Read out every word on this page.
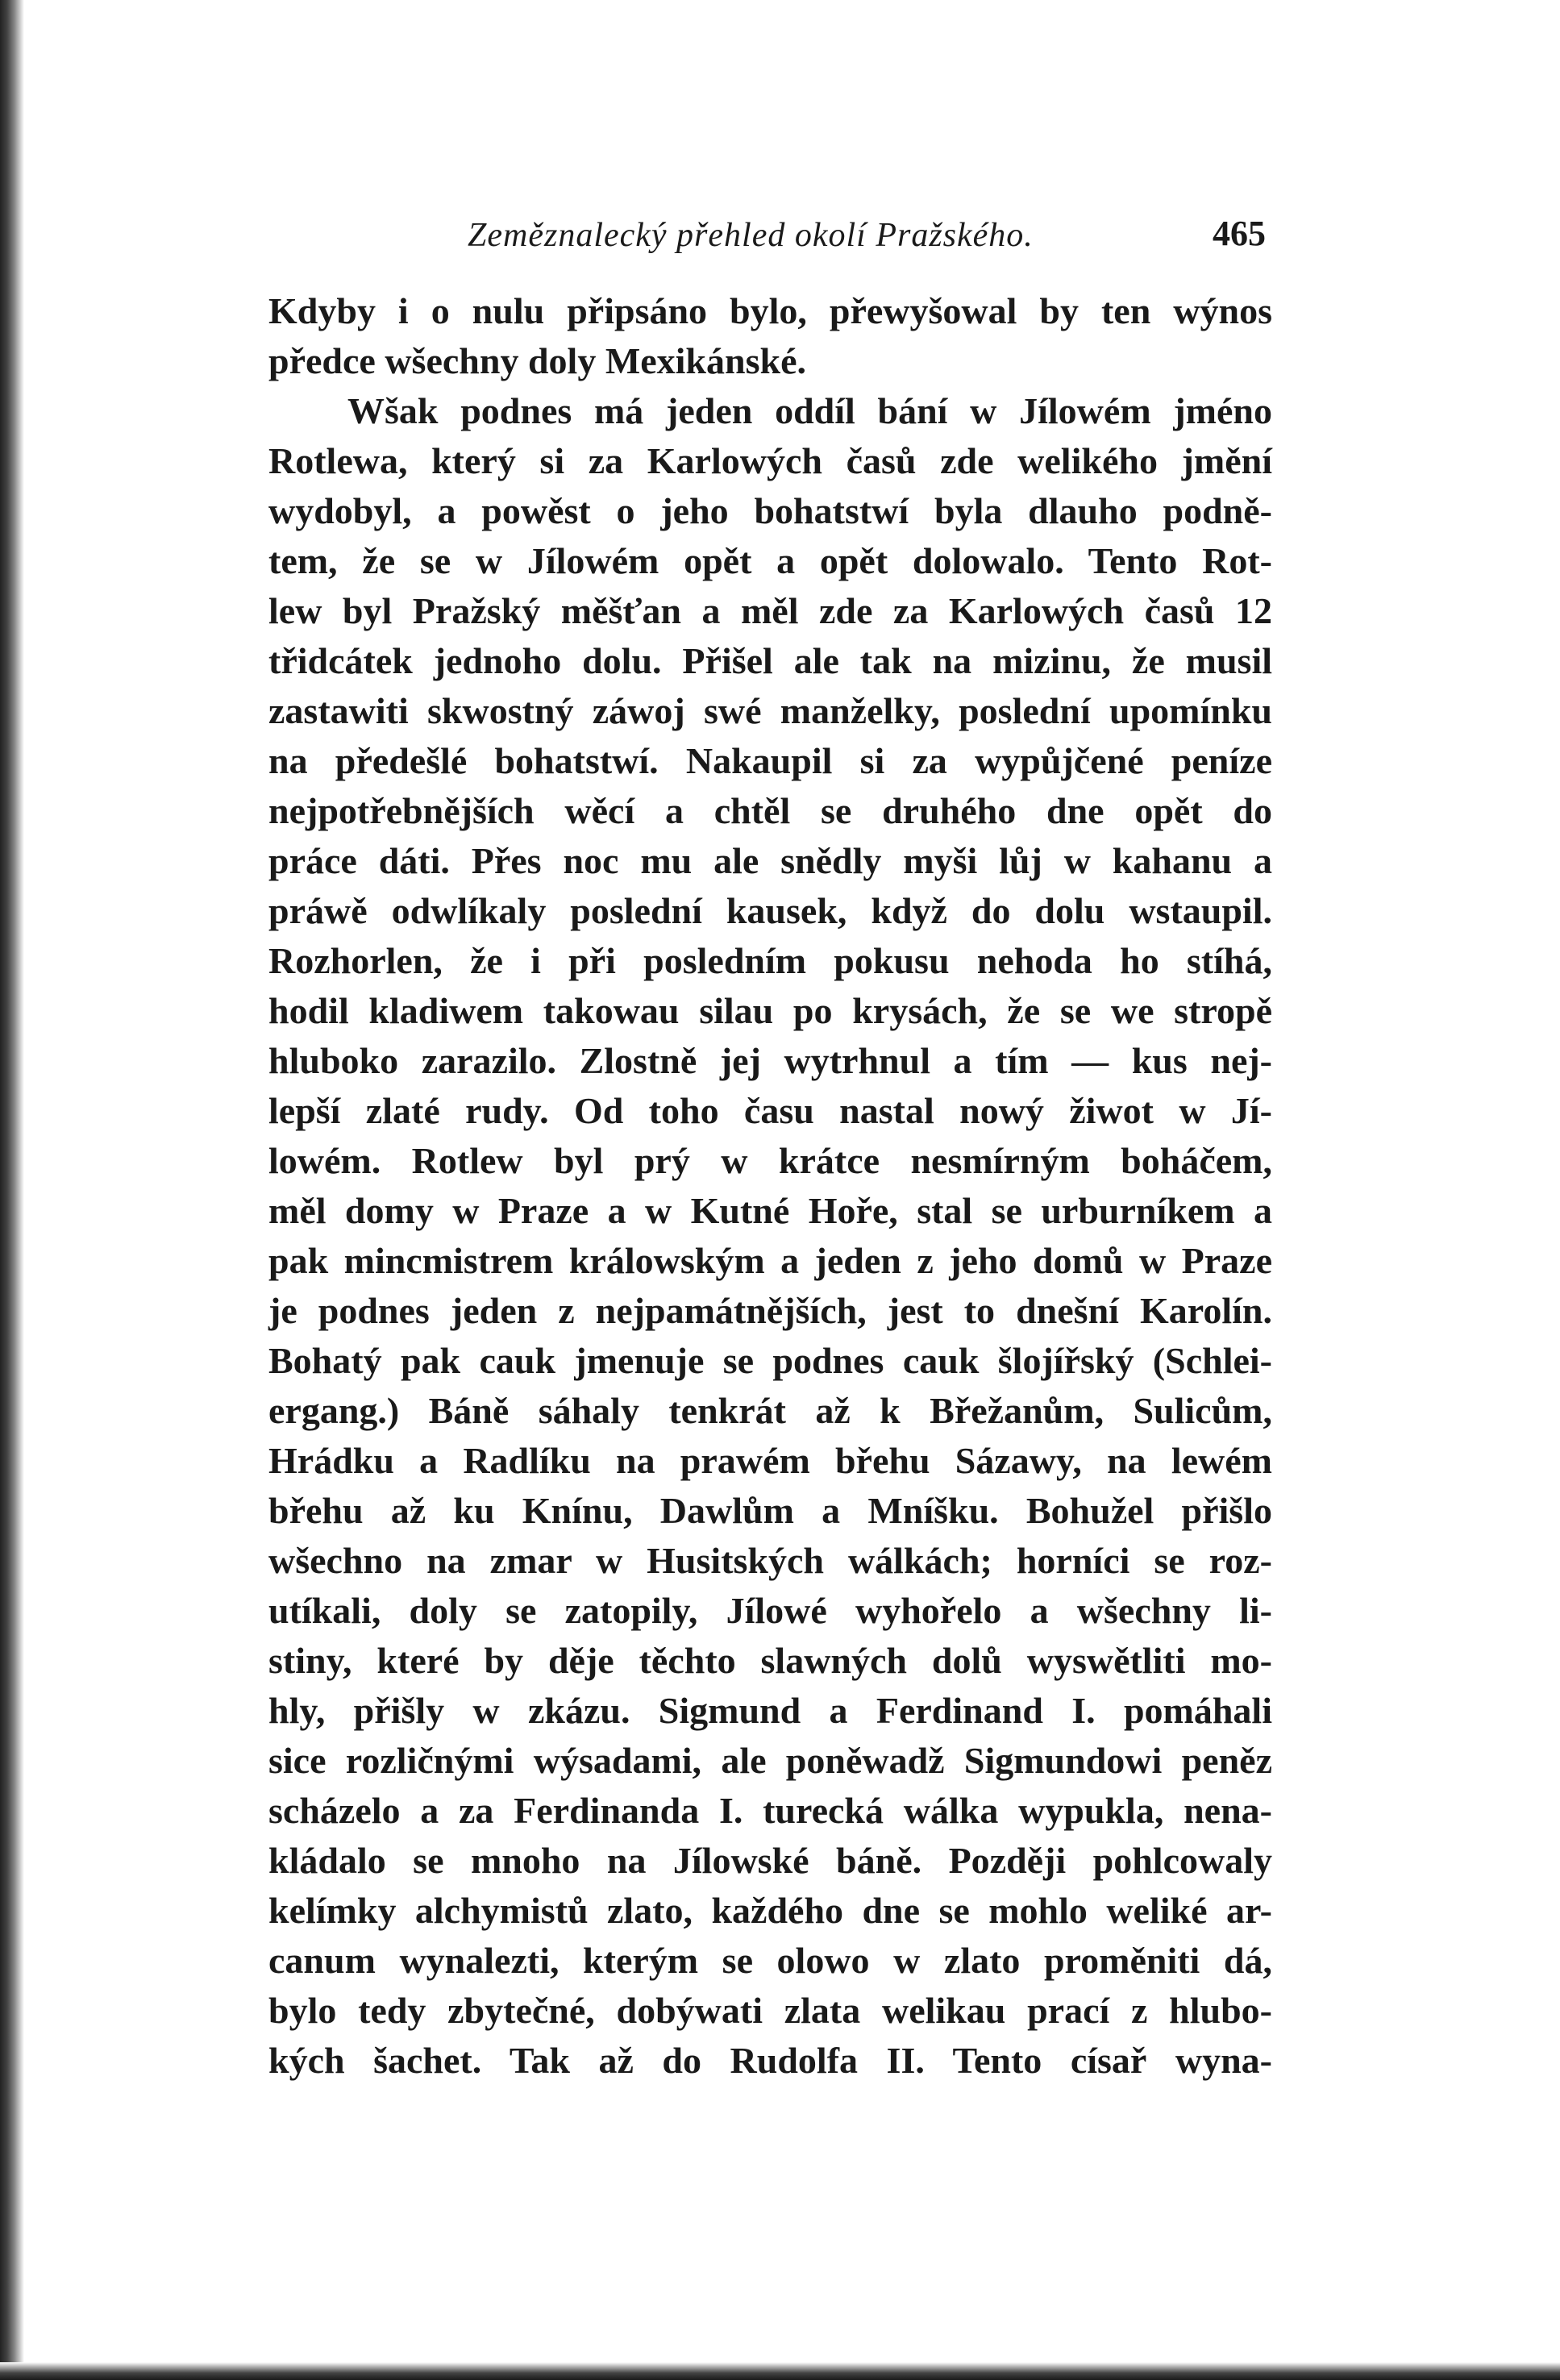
Zeměznalecký přehled okolí Pražského.	465
Kdyby i o nulu připsáno bylo, přewyšowal by ten wýnos
předce wšechny doly Mexikánské.
Wšak podnes má jeden oddíl bání w Jílowém jméno
Rotlewa, který si za Karlowých časů zde welikého jmění
wydobyl, a powěst o jeho bohatstwí byla dlauho podně-
tem, že se w Jílowém opět a opět dolowalo. Tento Rot-
lew byl Pražský měšťan a měl zde za Karlowých časů 12
třidcátek jednoho dolu. Přišel ale tak na mizinu, že musil
zastawiti skwostný záwoj swé manželky, poslední upomínku
na předešlé bohatstwí. Nakaupil si za wypůjčené peníze
nejpotřebnějších wěcí a chtěl se druhého dne opět do
práce dáti. Přes noc mu ale snědly myši lůj w kahanu a
práwě odwlíkaly poslední kausek, když do dolu wstaupil.
Rozhorlen, že i při posledním pokusu nehoda ho stíhá,
hodil kladiwem takowau silau po krysách, že se we stropě
hluboko zarazilo. Zlostně jej wytrhnul a tím — kus nej-
lepší zlaté rudy. Od toho času nastal nowý žiwot w Jí-
lowém. Rotlew byl prý w krátce nesmírným boháčem,
měl domy w Praze a w Kutné Hoře, stal se urburníkem a
pak mincmistrem králowským a jeden z jeho domů w Praze
je podnes jeden z nejpamátnějších, jest to dnešní Karolín.
Bohatý pak cauk jmenuje se podnes cauk šlojířský (Schlei-
ergang.) Báně sáhaly tenkrát až k Břežanům, Sulicům,
Hrádku a Radlíku na prawém břehu Sázawy, na lewém
břehu až ku Knínu, Dawlům a Mníšku. Bohužel přišlo
wšechno na zmar w Husitských wálkách; horníci se roz-
utíkali, doly se zatopily, Jílowé wyhořelo a wšechny li-
stiny, které by děje těchto slawných dolů wyswětliti mo-
hly, přišly w zkázu. Sigmund a Ferdinand I. pomáhali
sice rozličnými wýsadami, ale poněwadž Sigmundowi peněz
scházelo a za Ferdinanda I. turecká wálka wypukla, nena-
kládalo se mnoho na Jílowské báně. Později pohlcowaly
kelímky alchymistů zlato, každého dne se mohlo weliké ar-
canum wynalezti, kterým se olowo w zlato proměniti dá,
bylo tedy zbytečné, dobýwati zlata welikau prací z hlubo-
kých šachet. Tak až do Rudolfa II. Tento císař wyna-
